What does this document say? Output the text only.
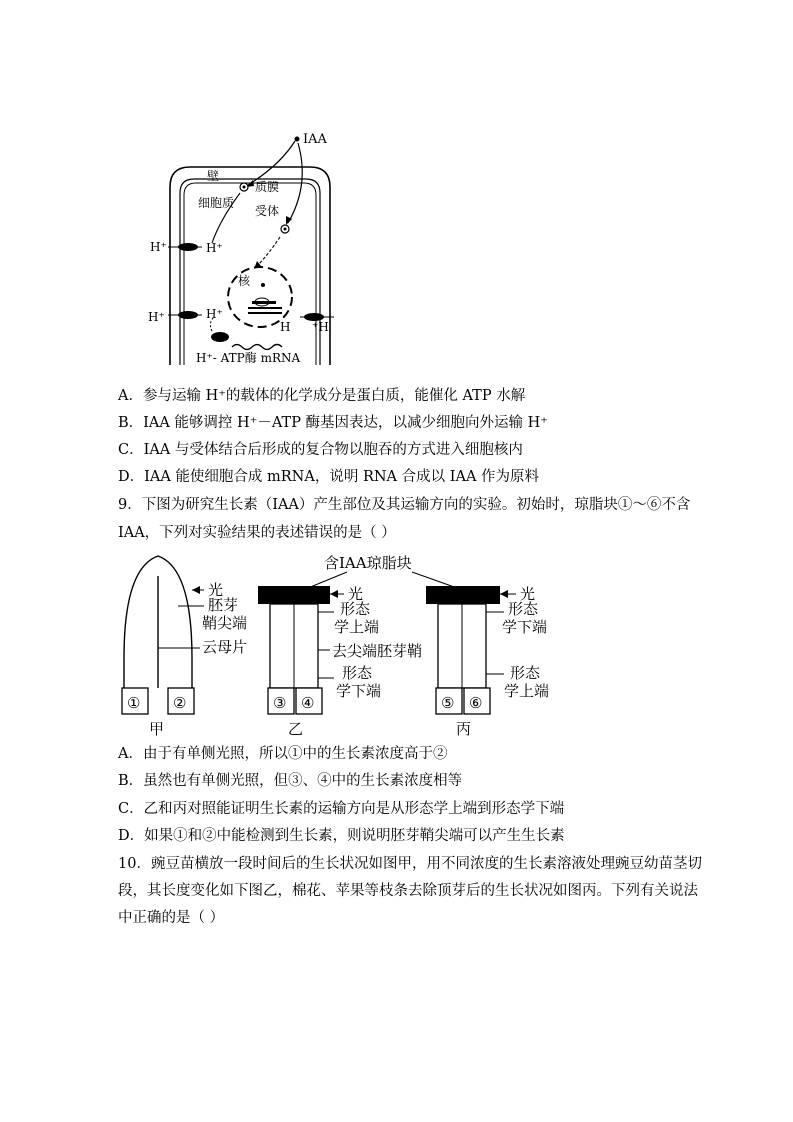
IAA
壁
质膜
细胞质
受体
核
H⁺	H⁺
H⁺	H⁺
H ⁺H
H⁺- ATP酶 mRNA
A．参与运输 H⁺的载体的化学成分是蛋白质，能催化 ATP 水解
B．IAA 能够调控 H⁺－ATP 酶基因表达，以减少细胞向外运输 H⁺
C．IAA 与受体结合后形成的复合物以胞吞的方式进入细胞核内
D．IAA 能使细胞合成 mRNA，说明 RNA 合成以 IAA 作为原料
9．下图为研究生长素（IAA）产生部位及其运输方向的实验。初始时，琼脂块①～⑥不含
IAA，下列对实验结果的表述错误的是（ ）
① ②
甲
光
胚芽
鞘尖端
云母片
含IAA琼脂块
③ ④
乙
光
形态
学上端
去尖端胚芽鞘
形态
学下端
⑤ ⑥
丙
光
形态
学下端
形态
学上端
A．由于有单侧光照，所以①中的生长素浓度高于②
B．虽然也有单侧光照，但③、④中的生长素浓度相等
C．乙和丙对照能证明生长素的运输方向是从形态学上端到形态学下端
D．如果①和②中能检测到生长素，则说明胚芽鞘尖端可以产生生长素
10．豌豆苗横放一段时间后的生长状况如图甲，用不同浓度的生长素溶液处理豌豆幼苗茎切
段，其长度变化如下图乙，棉花、苹果等枝条去除顶芽后的生长状况如图丙。下列有关说法
中正确的是（ ）
